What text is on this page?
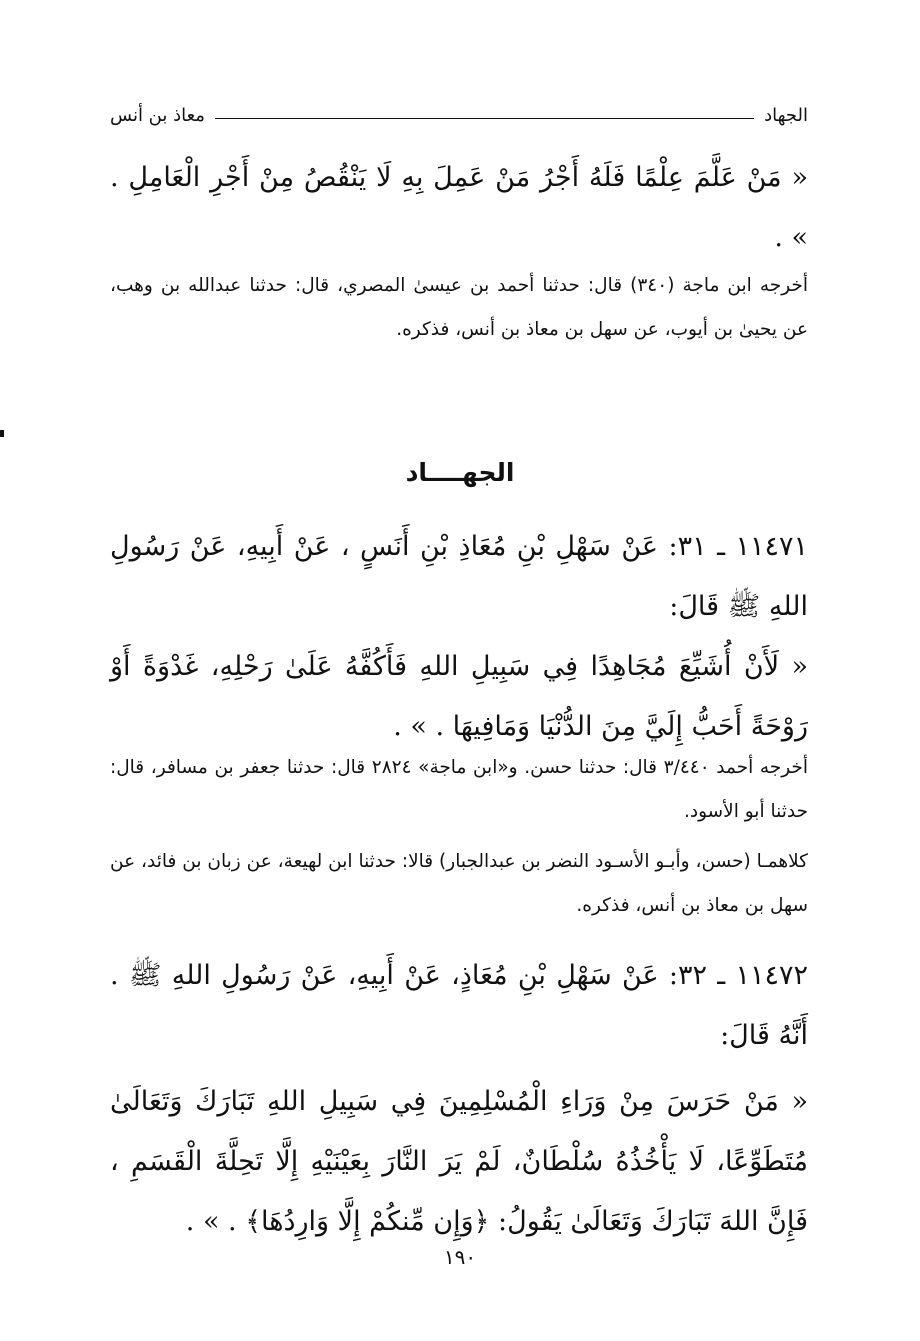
الجهاد
معاذ بن أنس
« مَنْ عَلَّمَ عِلْمًا فَلَهُ أَجْرُ مَنْ عَمِلَ بِهِ لَا يَنْقُصُ مِنْ أَجْرِ الْعَامِلِ . » .
أخرجه ابن ماجة (٣٤٠) قال: حدثنا أحمد بن عيسىٰ المصري، قال: حدثنا عبدالله بن وهب، عن يحيىٰ بن أيوب، عن سهل بن معاذ بن أنس، فذكره.
الجهــــاد
١١٤٧١ ـ ٣١: عَنْ سَهْلِ بْنِ مُعَاذِ بْنِ أَنَسٍ ، عَنْ أَبِيهِ، عَنْ رَسُولِ اللهِ ﷺ قَالَ:
« لَأَنْ أُشَيِّعَ مُجَاهِدًا فِي سَبِيلِ اللهِ فَأَكُفَّهُ عَلَىٰ رَحْلِهِ، غَدْوَةً أَوْ رَوْحَةً أَحَبُّ إِلَيَّ مِنَ الدُّنْيَا وَمَافِيهَا . » .
أخرجه أحمد ٣/٤٤٠ قال: حدثنا حسن. و«ابن ماجة» ٢٨٢٤ قال: حدثنا جعفر بن مسافر، قال: حدثنا أبو الأسود.
كلاهمـا (حسن، وأبـو الأسـود النضر بن عبدالجبار) قالا: حدثنا ابن لهيعة، عن زبان بن فائد، عن سهل بن معاذ بن أنس، فذكره.
١١٤٧٢ ـ ٣٢: عَنْ سَهْلِ بْنِ مُعَاذٍ، عَنْ أَبِيهِ، عَنْ رَسُولِ اللهِ ﷺ . أَنَّهُ قَالَ:
« مَنْ حَرَسَ مِنْ وَرَاءِ الْمُسْلِمِينَ فِي سَبِيلِ اللهِ تَبَارَكَ وَتَعَالَىٰ مُتَطَوِّعًا، لَا يَأْخُذُهُ سُلْطَانٌ، لَمْ يَرَ النَّارَ بِعَيْنَيْهِ إِلَّا تَحِلَّةَ الْقَسَمِ ، فَإِنَّ اللهَ تَبَارَكَ وَتَعَالَىٰ يَقُولُ: ﴿وَإِن مِّنكُمْ إِلَّا وَارِدُهَا﴾ . » .
١٩٠
